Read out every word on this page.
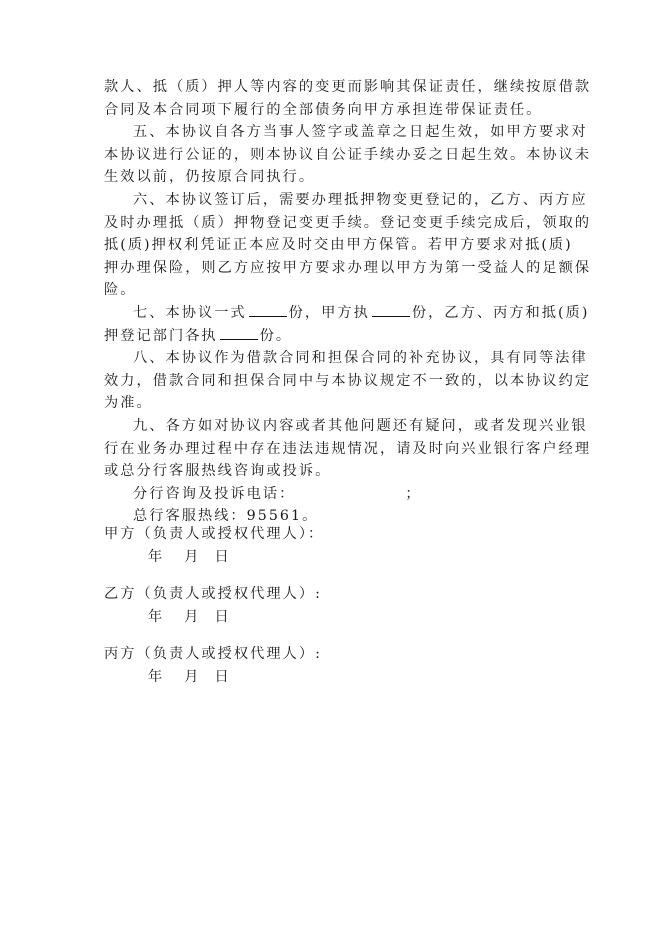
款人、抵（质）押人等内容的变更而影响其保证责任，继续按原借款
合同及本合同项下履行的全部债务向甲方承担连带保证责任。

五、本协议自各方当事人签字或盖章之日起生效，如甲方要求对
本协议进行公证的，则本协议自公证手续办妥之日起生效。本协议未
生效以前，仍按原合同执行。

六、本协议签订后，需要办理抵押物变更登记的，乙方、丙方应
及时办理抵（质）押物登记变更手续。登记变更手续完成后，领取的
抵(质)押权利凭证正本应及时交由甲方保管。若甲方要求对抵(质)
押办理保险，则乙方应按甲方要求办理以甲方为第一受益人的足额保
险。

七、本协议一式	份，甲方执	份，乙方、丙方和抵(质)
押登记部门各执	份。

八、本协议作为借款合同和担保合同的补充协议，具有同等法律
效力，借款合同和担保合同中与本协议规定不一致的，以本协议约定
为准。

九、各方如对协议内容或者其他问题还有疑问，或者发现兴业银
行在业务办理过程中存在违法违规情况，请及时向兴业银行客户经理
或总分行客服热线咨询或投诉。

分行咨询及投诉电话：	；
总行客服热线：95561。

甲方（负责人或授权代理人）：
年 月 日
乙方（负责人或授权代理人）:
年 月 日
丙方（负责人或授权代理人）:
年 月 日
